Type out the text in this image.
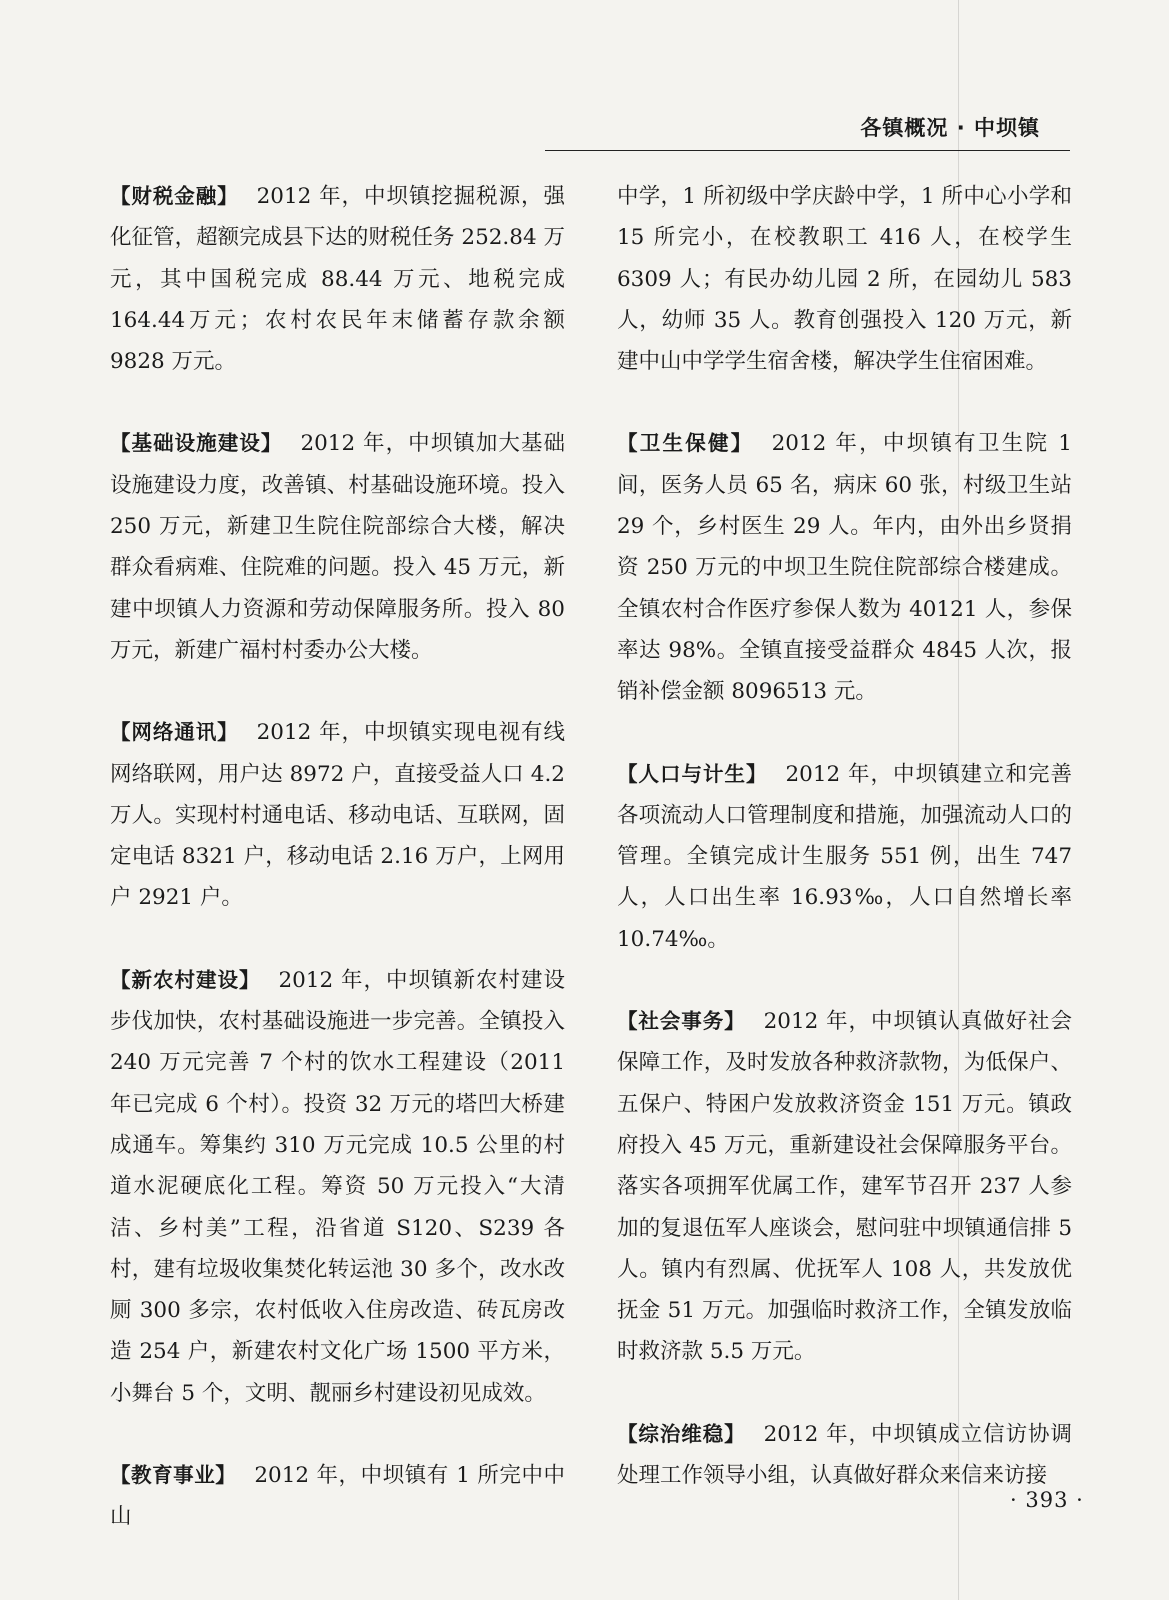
各镇概况 · 中坝镇

【财税金融】 2012 年，中坝镇挖掘税源，强化征管，超额完成县下达的财税任务 252.84 万元，其中国税完成 88.44 万元、地税完成 164.44万元；农村农民年末储蓄存款余额 9828 万元。

【基础设施建设】 2012 年，中坝镇加大基础设施建设力度，改善镇、村基础设施环境。投入 250 万元，新建卫生院住院部综合大楼，解决群众看病难、住院难的问题。投入 45 万元，新建中坝镇人力资源和劳动保障服务所。投入 80 万元，新建广福村村委办公大楼。

【网络通讯】 2012 年，中坝镇实现电视有线网络联网，用户达 8972 户，直接受益人口 4.2 万人。实现村村通电话、移动电话、互联网，固定电话 8321 户，移动电话 2.16 万户，上网用户 2921 户。

【新农村建设】 2012 年，中坝镇新农村建设步伐加快，农村基础设施进一步完善。全镇投入 240 万元完善 7 个村的饮水工程建设（2011 年已完成 6 个村）。投资 32 万元的塔凹大桥建成通车。筹集约 310 万元完成 10.5 公里的村道水泥硬底化工程。筹资 50 万元投入“大清洁、乡村美”工程，沿省道 S120、S239 各村，建有垃圾收集焚化转运池 30 多个，改水改厕 300 多宗，农村低收入住房改造、砖瓦房改造 254 户，新建农村文化广场 1500 平方米，小舞台 5 个，文明、靓丽乡村建设初见成效。

【教育事业】 2012 年，中坝镇有 1 所完中中山

中学，1 所初级中学庆龄中学，1 所中心小学和 15 所完小，在校教职工 416 人，在校学生 6309 人；有民办幼儿园 2 所，在园幼儿 583 人，幼师 35 人。教育创强投入 120 万元，新建中山中学学生宿舍楼，解决学生住宿困难。

【卫生保健】 2012 年，中坝镇有卫生院 1 间，医务人员 65 名，病床 60 张，村级卫生站 29 个，乡村医生 29 人。年内，由外出乡贤捐资 250 万元的中坝卫生院住院部综合楼建成。全镇农村合作医疗参保人数为 40121 人，参保率达 98%。全镇直接受益群众 4845 人次，报销补偿金额 8096513 元。

【人口与计生】 2012 年，中坝镇建立和完善各项流动人口管理制度和措施，加强流动人口的管理。全镇完成计生服务 551 例，出生 747 人，人口出生率 16.93‰，人口自然增长率 10.74‰。

【社会事务】 2012 年，中坝镇认真做好社会保障工作，及时发放各种救济款物，为低保户、五保户、特困户发放救济资金 151 万元。镇政府投入 45 万元，重新建设社会保障服务平台。落实各项拥军优属工作，建军节召开 237 人参加的复退伍军人座谈会，慰问驻中坝镇通信排 5 人。镇内有烈属、优抚军人 108 人，共发放优抚金 51 万元。加强临时救济工作，全镇发放临时救济款 5.5 万元。

【综治维稳】 2012 年，中坝镇成立信访协调处理工作领导小组，认真做好群众来信来访接

· 393 ·
